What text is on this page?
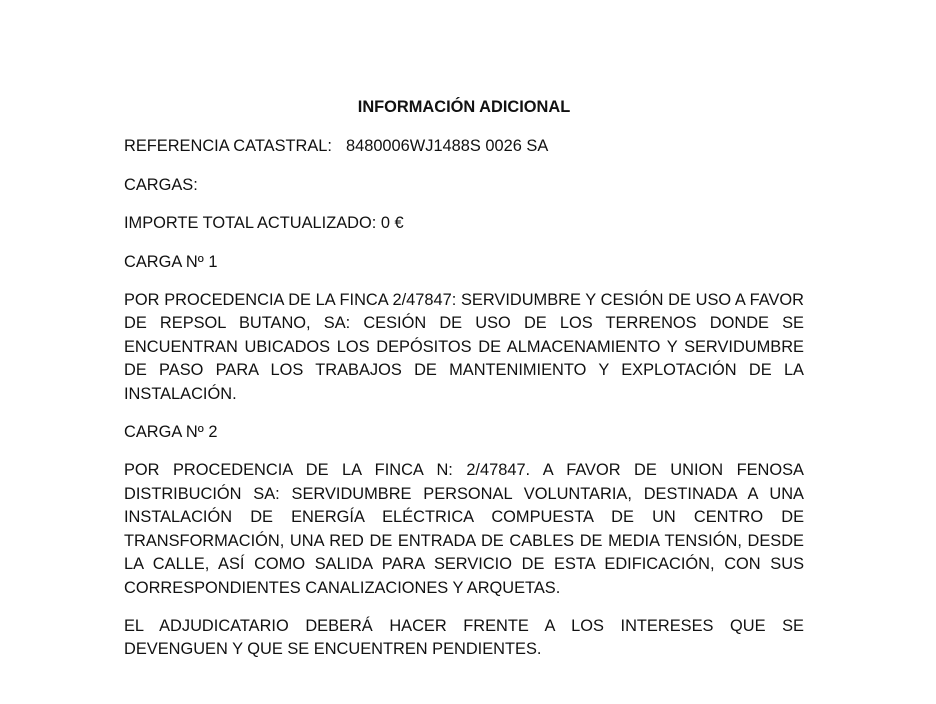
INFORMACIÓN ADICIONAL
REFERENCIA CATASTRAL: 8480006WJ1488S 0026 SA
CARGAS:
IMPORTE TOTAL ACTUALIZADO: 0 €
CARGA Nº 1
POR PROCEDENCIA DE LA FINCA 2/47847: SERVIDUMBRE Y CESIÓN DE USO A FAVOR DE REPSOL BUTANO, SA: CESIÓN DE USO DE LOS TERRENOS DONDE SE ENCUENTRAN UBICADOS LOS DEPÓSITOS DE ALMACENAMIENTO Y SERVIDUMBRE DE PASO PARA LOS TRABAJOS DE MANTENIMIENTO Y EXPLOTACIÓN DE LA INSTALACIÓN.
CARGA Nº 2
POR PROCEDENCIA DE LA FINCA N: 2/47847. A FAVOR DE UNION FENOSA DISTRIBUCIÓN SA: SERVIDUMBRE PERSONAL VOLUNTARIA, DESTINADA A UNA INSTALACIÓN DE ENERGÍA ELÉCTRICA COMPUESTA DE UN CENTRO DE TRANSFORMACIÓN, UNA RED DE ENTRADA DE CABLES DE MEDIA TENSIÓN, DESDE LA CALLE, ASÍ COMO SALIDA PARA SERVICIO DE ESTA EDIFICACIÓN, CON SUS CORRESPONDIENTES CANALIZACIONES Y ARQUETAS.
EL ADJUDICATARIO DEBERÁ HACER FRENTE A LOS INTERESES QUE SE DEVENGUEN Y QUE SE ENCUENTREN PENDIENTES.
